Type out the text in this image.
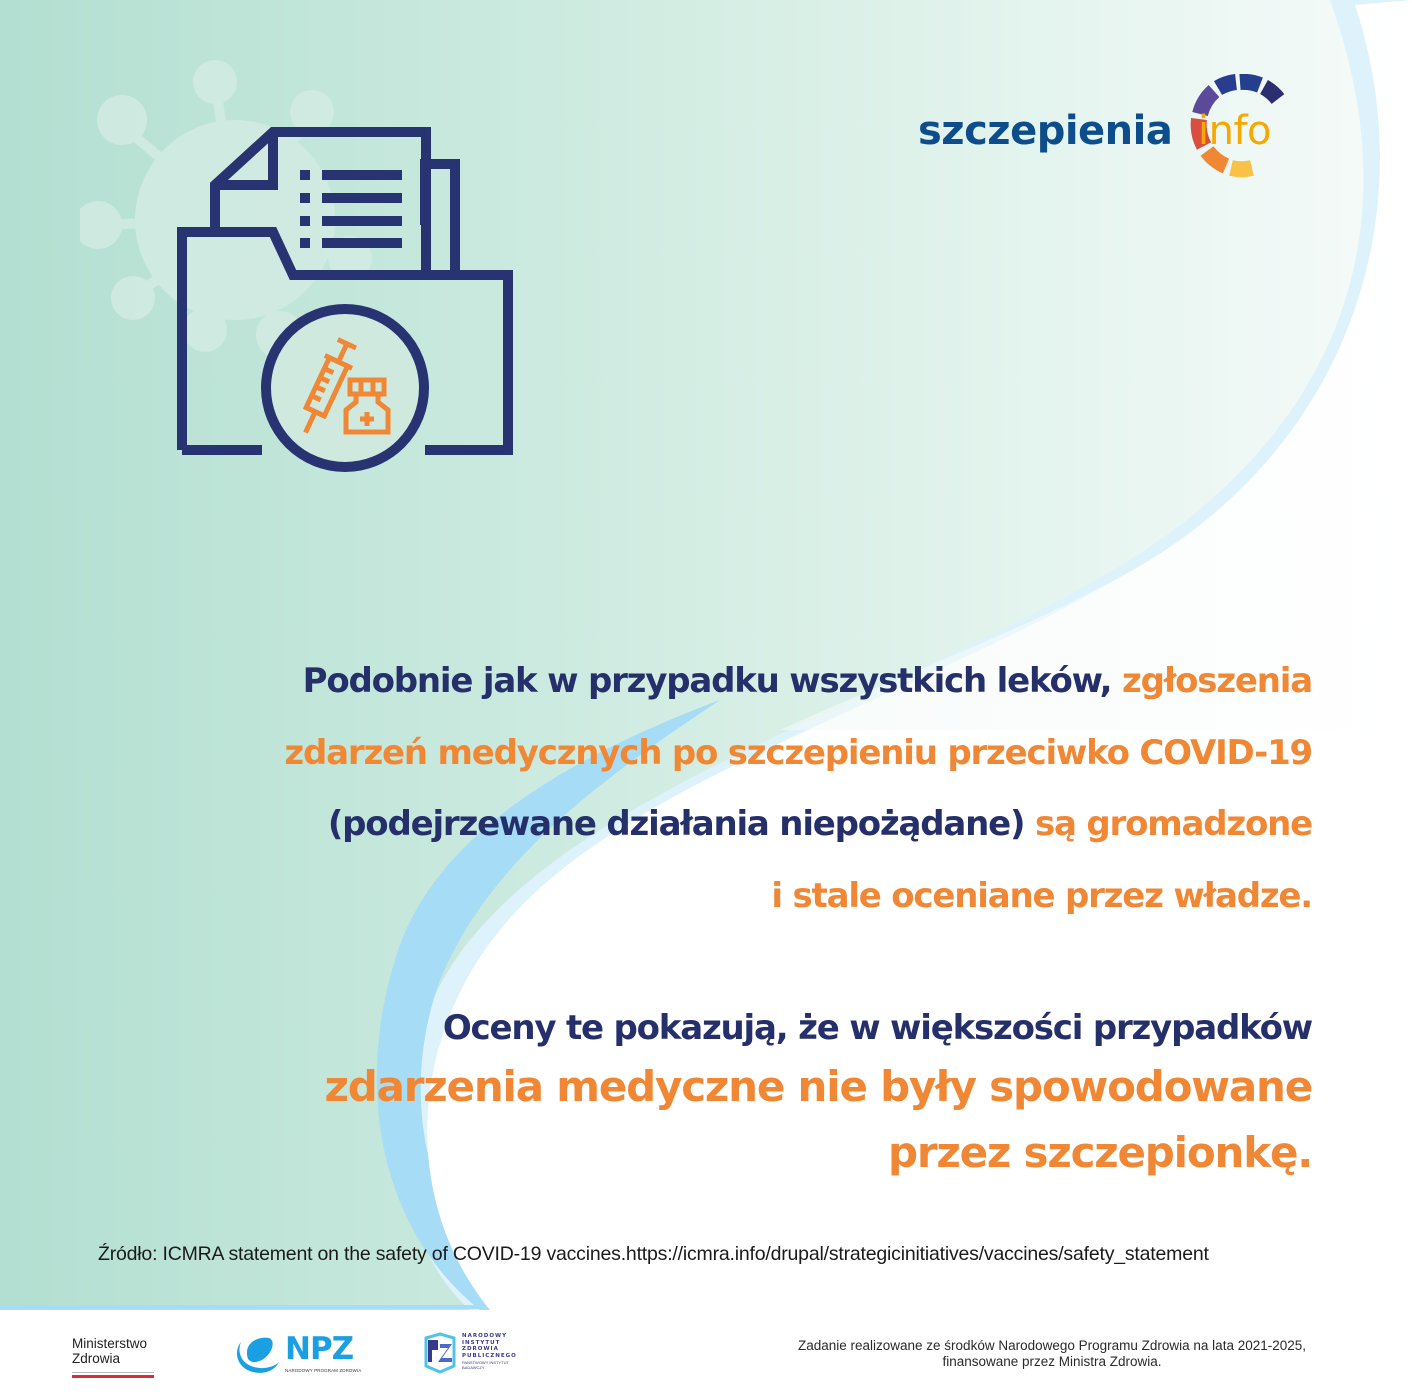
szczepienia info
Podobnie jak w przypadku wszystkich leków, zgłoszenia
zdarzeń medycznych po szczepieniu przeciwko COVID-19
(podejrzewane działania niepożądane) są gromadzone
i stale oceniane przez władze.
Oceny te pokazują, że w większości przypadków
zdarzenia medyczne nie były spowodowane
przez szczepionkę.
Źródło: ICMRA statement on the safety of COVID-19 vaccines.https://icmra.info/drupal/strategicinitiatives/vaccines/safety_statement
Ministerstwo
Zdrowia	NPZ
NARODOWY PROGRAM ZDROWIA
NARODOWY
INSTYTUT
ZDROWIA
PUBLICZNEGO
PAŃSTWOWY INSTYTUT
BADAWCZY
Zadanie realizowane ze środków Narodowego Programu Zdrowia na lata 2021-2025,
finansowane przez Ministra Zdrowia.
